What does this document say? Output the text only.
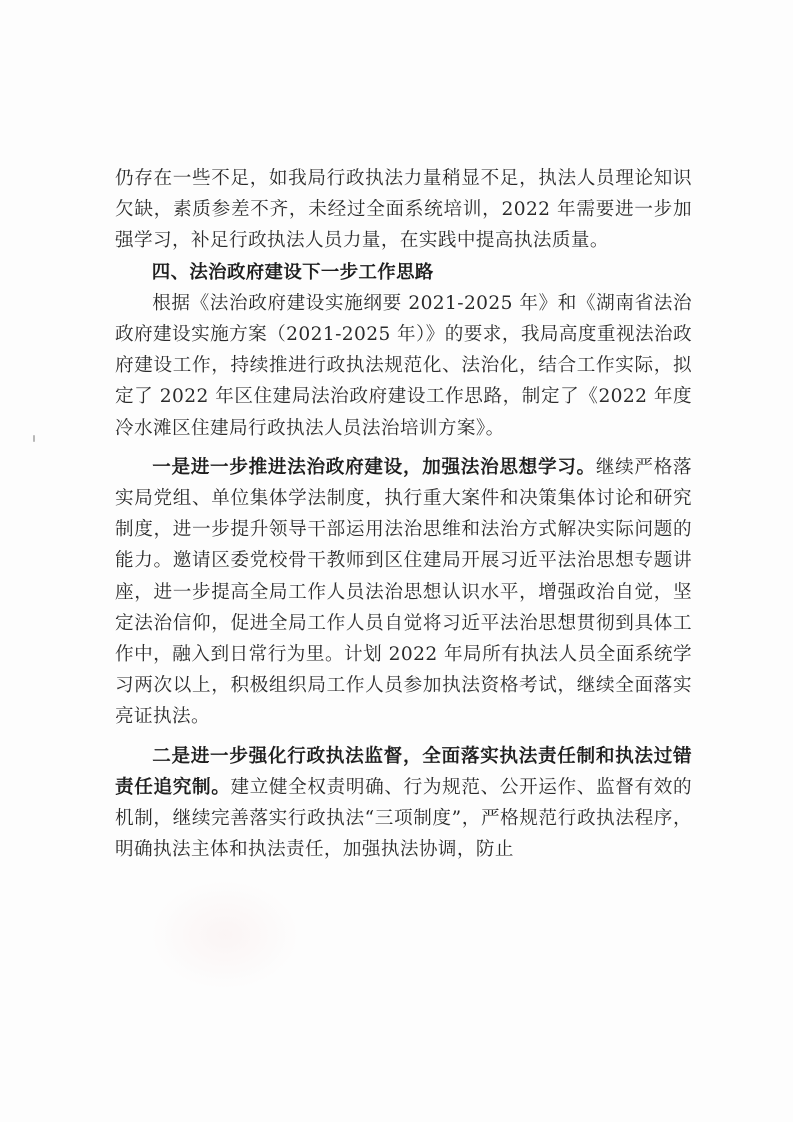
仍存在一些不足，如我局行政执法力量稍显不足，执法人员理论知识欠缺，素质参差不齐，未经过全面系统培训，2022 年需要进一步加强学习，补足行政执法人员力量，在实践中提高执法质量。

四、法治政府建设下一步工作思路

根据《法治政府建设实施纲要 2021-2025 年》和《湖南省法治政府建设实施方案（2021-2025 年）》的要求，我局高度重视法治政府建设工作，持续推进行政执法规范化、法治化，结合工作实际，拟定了 2022 年区住建局法治政府建设工作思路，制定了《2022 年度冷水滩区住建局行政执法人员法治培训方案》。

一是进一步推进法治政府建设，加强法治思想学习。继续严格落实局党组、单位集体学法制度，执行重大案件和决策集体讨论和研究制度，进一步提升领导干部运用法治思维和法治方式解决实际问题的能力。邀请区委党校骨干教师到区住建局开展习近平法治思想专题讲座，进一步提高全局工作人员法治思想认识水平，增强政治自觉，坚定法治信仰，促进全局工作人员自觉将习近平法治思想贯彻到具体工作中，融入到日常行为里。计划 2022 年局所有执法人员全面系统学习两次以上，积极组织局工作人员参加执法资格考试，继续全面落实亮证执法。

二是进一步强化行政执法监督，全面落实执法责任制和执法过错责任追究制。建立健全权责明确、行为规范、公开运作、监督有效的机制，继续完善落实行政执法“三项制度”，严格规范行政执法程序，明确执法主体和执法责任，加强执法协调，防止
